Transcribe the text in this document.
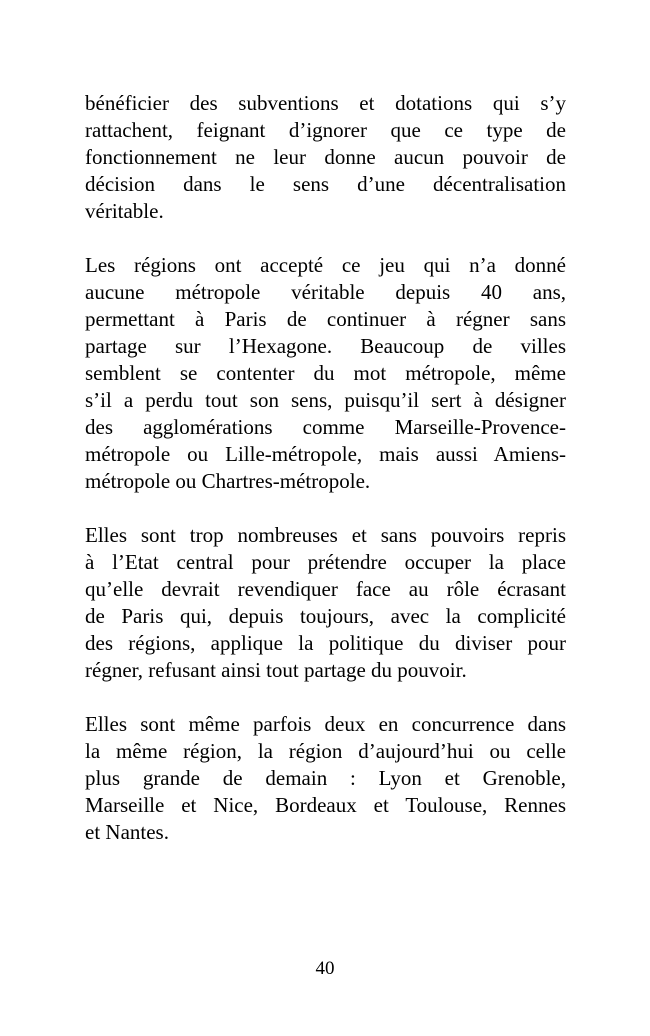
bénéficier des subventions et dotations qui s’y
rattachent, feignant d’ignorer que ce type de
fonctionnement ne leur donne aucun pouvoir de
décision dans le sens d’une décentralisation
véritable.
Les régions ont accepté ce jeu qui n’a donné
aucune métropole véritable depuis 40 ans,
permettant à Paris de continuer à régner sans
partage sur l’Hexagone. Beaucoup de villes
semblent se contenter du mot métropole, même
s’il a perdu tout son sens, puisqu’il sert à désigner
des agglomérations comme Marseille-Provence-
métropole ou Lille-métropole, mais aussi Amiens-
métropole ou Chartres-métropole.
Elles sont trop nombreuses et sans pouvoirs repris
à l’Etat central pour prétendre occuper la place
qu’elle devrait revendiquer face au rôle écrasant
de Paris qui, depuis toujours, avec la complicité
des régions, applique la politique du diviser pour
régner, refusant ainsi tout partage du pouvoir.
Elles sont même parfois deux en concurrence dans
la même région, la région d’aujourd’hui ou celle
plus grande de demain : Lyon et Grenoble,
Marseille et Nice, Bordeaux et Toulouse, Rennes
et Nantes.
40
